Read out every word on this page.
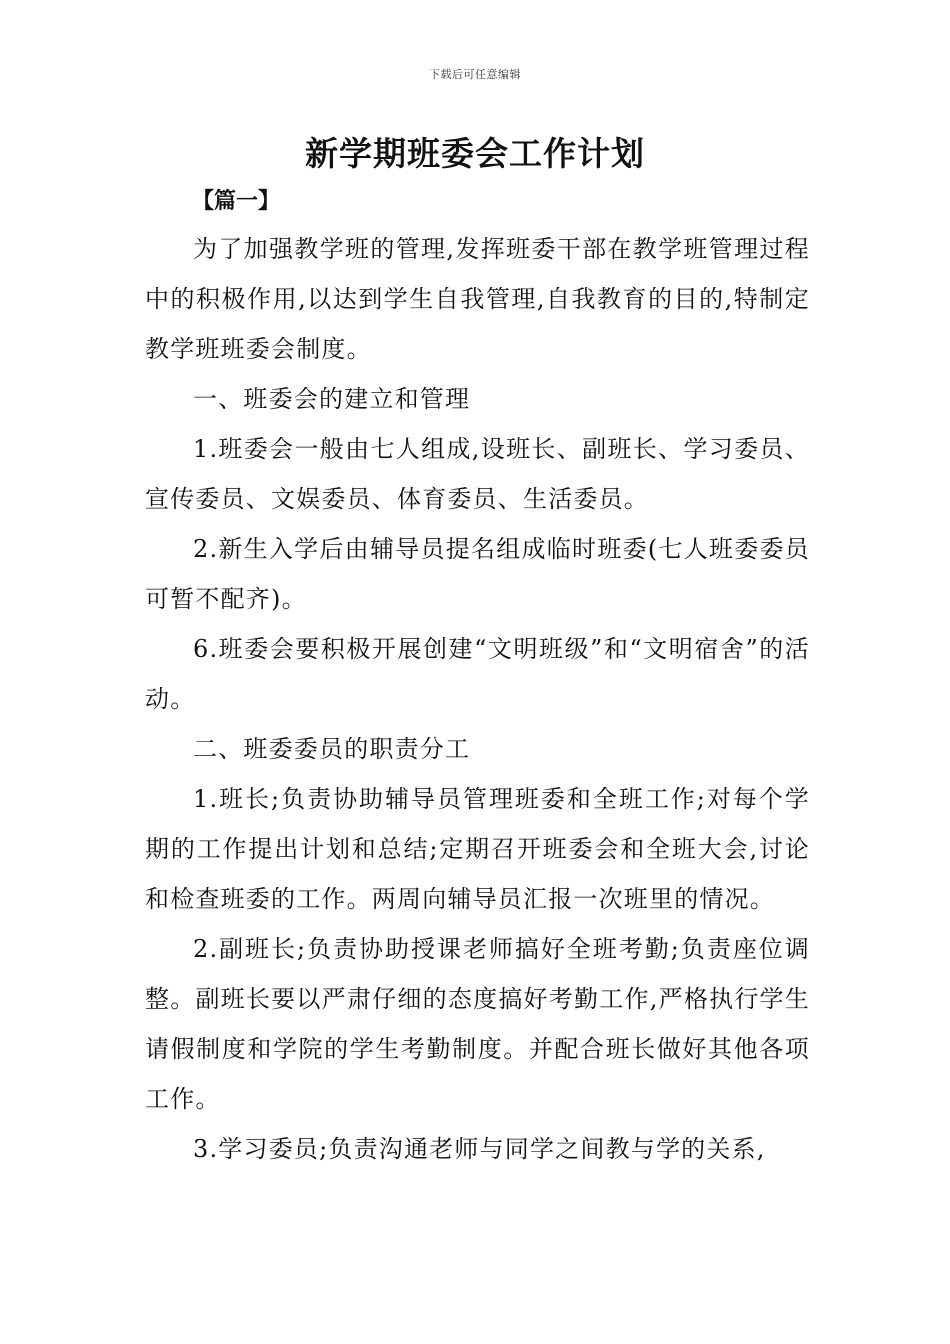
下载后可任意编辑
新学期班委会工作计划
【篇一】

为了加强教学班的管理,发挥班委干部在教学班管理过程中的积极作用,以达到学生自我管理,自我教育的目的,特制定教学班班委会制度。

一、班委会的建立和管理

1.班委会一般由七人组成,设班长、副班长、学习委员、宣传委员、文娱委员、体育委员、生活委员。

2.新生入学后由辅导员提名组成临时班委(七人班委委员可暂不配齐)。

6.班委会要积极开展创建“文明班级”和“文明宿舍”的活动。

二、班委委员的职责分工

1.班长;负责协助辅导员管理班委和全班工作;对每个学期的工作提出计划和总结;定期召开班委会和全班大会,讨论和检查班委的工作。两周向辅导员汇报一次班里的情况。

2.副班长;负责协助授课老师搞好全班考勤;负责座位调整。副班长要以严肃仔细的态度搞好考勤工作,严格执行学生请假制度和学院的学生考勤制度。并配合班长做好其他各项工作。

3.学习委员;负责沟通老师与同学之间教与学的关系,
